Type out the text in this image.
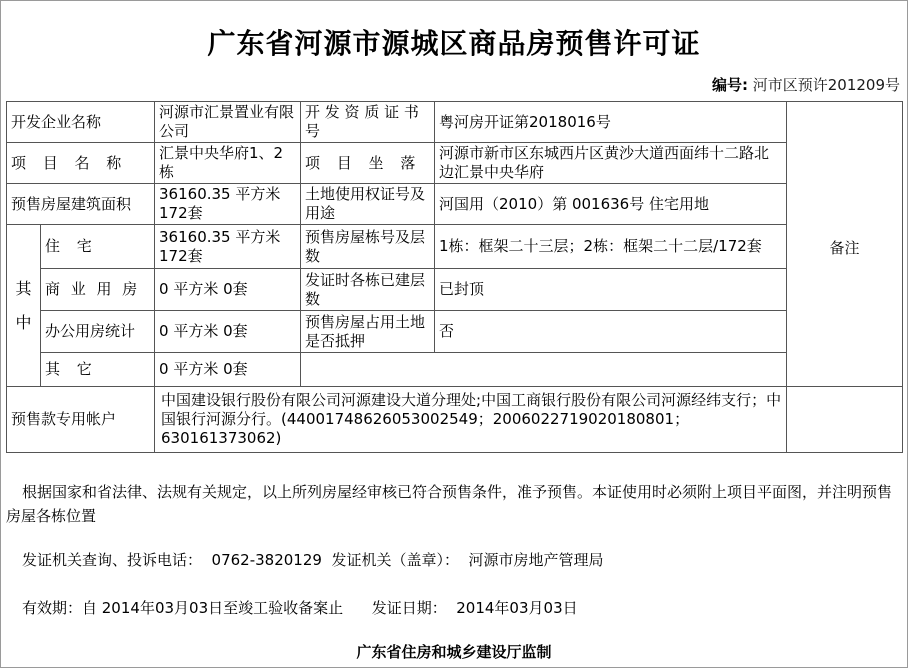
广东省河源市源城区商品房预售许可证
编号: 河市区预许201209号
开发企业名称		河源市汇景置业有限公司	开 发 资 质 证 书 号	粤河房开证第2018016号	备注
项 目 名 称		汇景中央华府1、2栋	项 目 坐 落	河源市新市区东城西片区黄沙大道西面纬十二路北边汇景中央华府	
预售房屋建筑面积		36160.35 平方米 172套	土地使用权证号及用途	河国用（2010）第 001636号 住宅用地	
其 中	住 宅	36160.35 平方米 172套	预售房屋栋号及层数	1栋：框架二十三层；2栋：框架二十二层/172套	
	商 业 用 房	0 平方米 0套	发证时各栋已建层数	已封顶	
	办公用房统计	0 平方米 0套	预售房屋占用土地是否抵押	否	
	其 它	0 平方米 0套			
预售款专用帐户		中国建设银行股份有限公司河源建设大道分理处;中国工商银行股份有限公司河源经纬支行；中国银行河源分行。(44001748626053002549；2006022719020180801；630161373062)			
根据国家和省法律、法规有关规定，以上所列房屋经审核已符合预售条件，准予预售。本证使用时必须附上项目平面图，并注明预售房屋各栋位置
发证机关查询、投诉电话：  0762-3820129  发证机关（盖章）：  河源市房地产管理局
有效期：自 2014年03月03日至竣工验收备案止      发证日期：  2014年03月03日
广东省住房和城乡建设厅监制
